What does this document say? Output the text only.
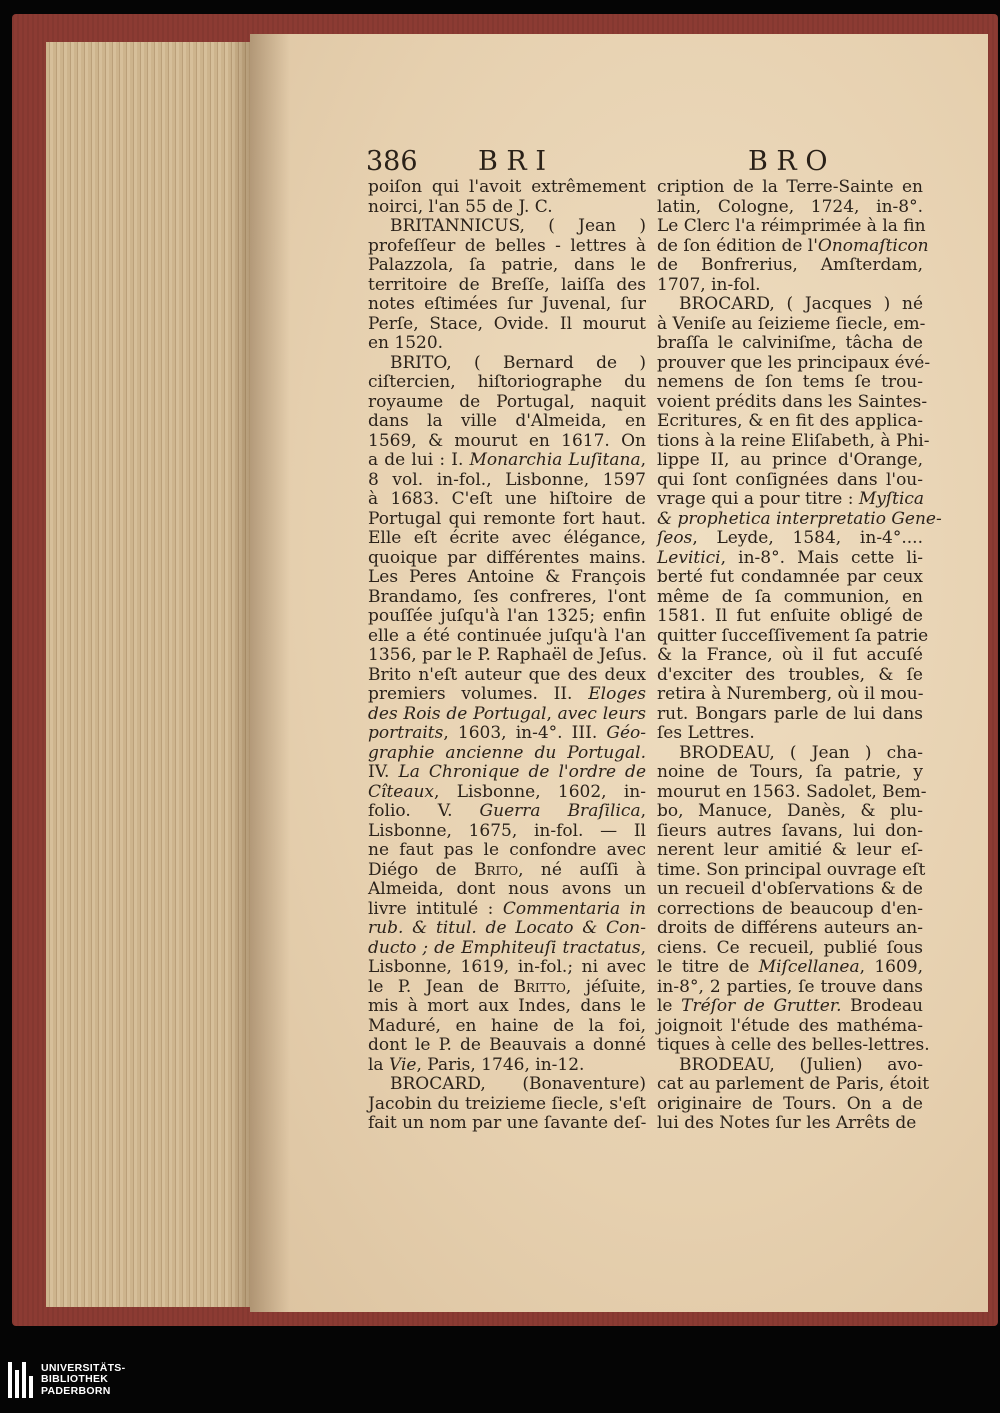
386 B R I	B R O
poiſon qui l'avoit extrêmement
noirci, l'an 55 de J. C.
BRITANNICUS, ( Jean )
profeſſeur de belles - lettres à
Palazzola, ſa patrie, dans le
territoire de Breſſe, laiſſa des
notes eſtimées ſur Juvenal, ſur
Perſe, Stace, Ovide. Il mourut
en 1520.
BRITO, ( Bernard de )
ciſtercien, hiſtoriographe du
royaume de Portugal, naquit
dans la ville d'Almeida, en
1569, & mourut en 1617. On
a de lui : I. Monarchia Luſitana,
8 vol. in-fol., Lisbonne, 1597
à 1683. C'eſt une hiſtoire de
Portugal qui remonte fort haut.
Elle eſt écrite avec élégance,
quoique par différentes mains.
Les Peres Antoine & François
Brandamo, ſes confreres, l'ont
pouſſée juſqu'à l'an 1325; enfin
elle a été continuée juſqu'à l'an
1356, par le P. Raphaël de Jeſus.
Brito n'eſt auteur que des deux
premiers volumes. II. Eloges
des Rois de Portugal, avec leurs
portraits, 1603, in-4°. III. Géo-
graphie ancienne du Portugal.
IV. La Chronique de l'ordre de
Cîteaux, Lisbonne, 1602, in-
folio. V. Guerra Braſilica,
Lisbonne, 1675, in-fol. — Il
ne faut pas le confondre avec
Diégo de Brito, né auſſi à
Almeida, dont nous avons un
livre intitulé : Commentaria in
rub. & titul. de Locato & Con-
ducto ; de Emphiteuſi tractatus,
Lisbonne, 1619, in-fol.; ni avec
le P. Jean de Britto, jéſuite,
mis à mort aux Indes, dans le
Maduré, en haine de la foi,
dont le P. de Beauvais a donné
la Vie, Paris, 1746, in-12.
BROCARD, (Bonaventure)
Jacobin du treizieme ſiecle, s'eſt
fait un nom par une ſavante deſ-
cription de la Terre-Sainte en
latin, Cologne, 1724, in-8°.
Le Clerc l'a réimprimée à la fin
de ſon édition de l'Onomaſticon
de Bonfrerius, Amſterdam,
1707, in-fol.
BROCARD, ( Jacques ) né
à Veniſe au ſeizieme ſiecle, em-
braſſa le calviniſme, tâcha de
prouver que les principaux évé-
nemens de ſon tems ſe trou-
voient prédits dans les Saintes-
Ecritures, & en fit des applica-
tions à la reine Eliſabeth, à Phi-
lippe II, au prince d'Orange,
qui ſont conſignées dans l'ou-
vrage qui a pour titre : Myſtica
& prophetica interpretatio Gene-
ſeos, Leyde, 1584, in-4°....
Levitici, in-8°. Mais cette li-
berté fut condamnée par ceux
même de ſa communion, en
1581. Il fut enſuite obligé de
quitter ſucceſſivement ſa patrie
& la France, où il fut accuſé
d'exciter des troubles, & ſe
retira à Nuremberg, où il mou-
rut. Bongars parle de lui dans
ſes Lettres.
BRODEAU, ( Jean ) cha-
noine de Tours, ſa patrie, y
mourut en 1563. Sadolet, Bem-
bo, Manuce, Danès, & plu-
ſieurs autres ſavans, lui don-
nerent leur amitié & leur eſ-
time. Son principal ouvrage eſt
un recueil d'obſervations & de
corrections de beaucoup d'en-
droits de différens auteurs an-
ciens. Ce recueil, publié ſous
le titre de Miſcellanea, 1609,
in-8°, 2 parties, ſe trouve dans
le Tréſor de Grutter. Brodeau
joignoit l'étude des mathéma-
tiques à celle des belles-lettres.
BRODEAU, (Julien) avo-
cat au parlement de Paris, étoit
originaire de Tours. On a de
lui des Notes ſur les Arrêts de
UNIVERSITÄTS-
BIBLIOTHEK
PADERBORN
